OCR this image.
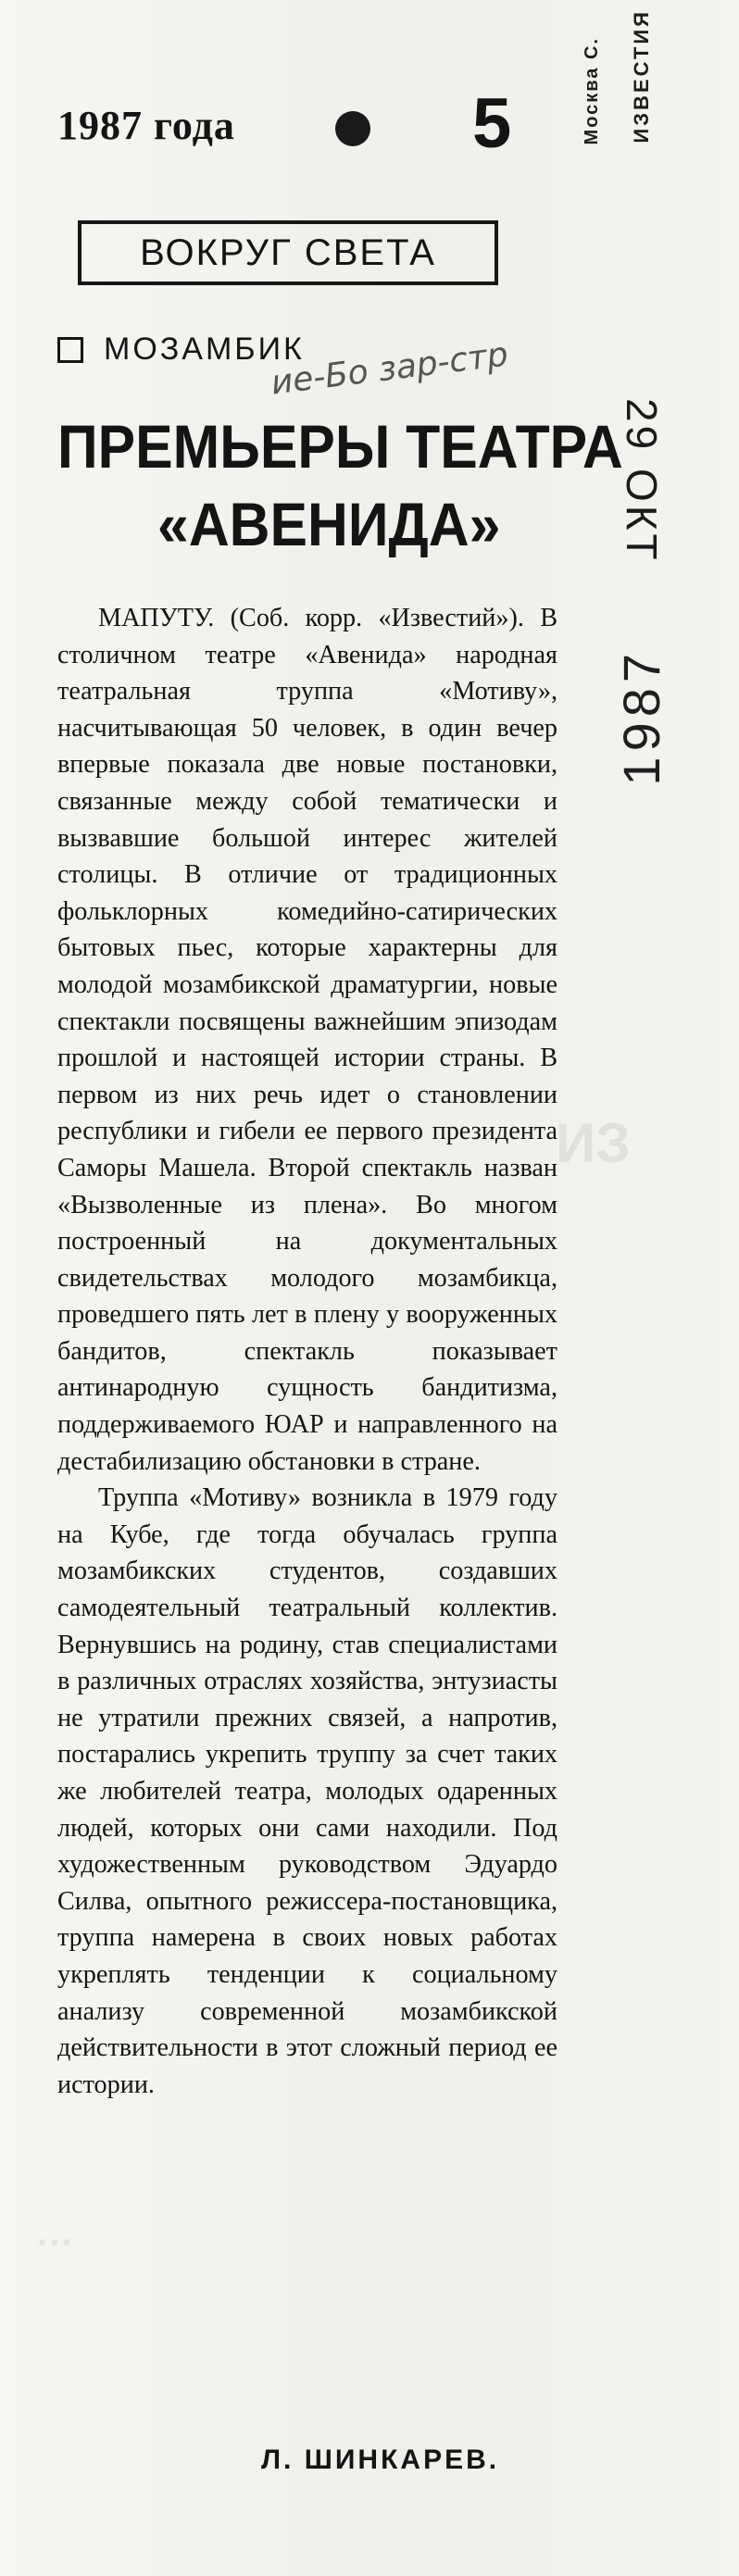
ИЗ
···
1987 года	5
ВОКРУГ СВЕТА
МОЗАМБИК
ие-Бо зар-стр
ПРЕМЬЕРЫ ТЕАТРА
«АВЕНИДА»

МАПУТУ. (Соб. корр. «Известий»). В столичном театре «Авенида» народная театральная труппа «Мотиву», насчитывающая 50 человек, в один вечер впервые показала две новые постановки, связанные между собой тематически и вызвавшие большой интерес жителей столицы. В отличие от традиционных фольклорных комедийно-сатирических бытовых пьес, которые характерны для молодой мозамбикской драматургии, новые спектакли посвящены важнейшим эпизодам прошлой и настоящей истории страны. В первом из них речь идет о становлении республики и гибели ее первого президента Саморы Машела. Второй спектакль назван «Вызволенные из плена». Во многом построенный на документальных свидетельствах молодого мозамбикца, проведшего пять лет в плену у вооруженных бандитов, спектакль показывает антинародную сущность бандитизма, поддерживаемого ЮАР и направленного на дестабилизацию обстановки в стране.

Труппа «Мотиву» возникла в 1979 году на Кубе, где тогда обучалась группа мозамбикских студентов, создавших самодеятельный театральный коллектив. Вернувшись на родину, став специалистами в различных отраслях хозяйства, энтузиасты не утратили прежних связей, а напротив, постарались укрепить труппу за счет таких же любителей театра, молодых одаренных людей, которых они сами находили. Под художественным руководством Эдуардо Силва, опытного режиссера-постановщика, труппа намерена в своих новых работах укреплять тенденции к социальному анализу современной мозамбикской действительности в этот сложный период ее истории.

Л. ШИНКАРЕВ.
Москва С. ИЗВЕСТИЯ
29 ОКТ
1987
